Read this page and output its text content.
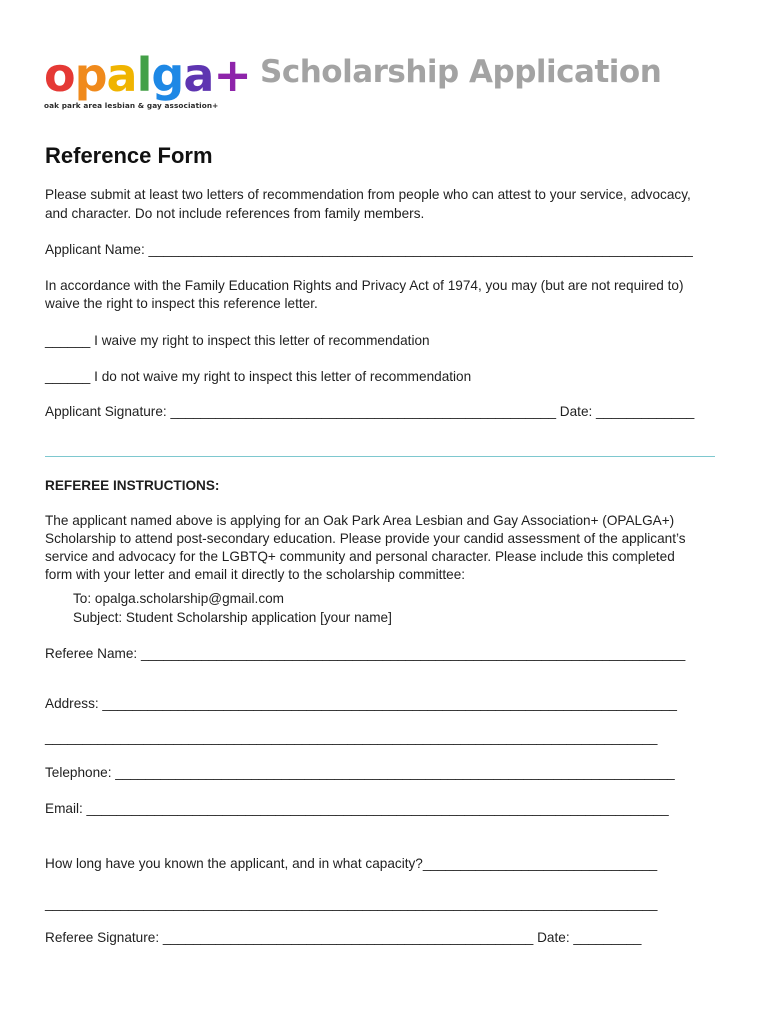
o p a l g a +
oak park area lesbian & gay association+
Scholarship Application
Reference Form
Please submit at least two letters of recommendation from people who can attest to your service, advocacy,
and character. Do not include references from family members.
Applicant Name: ________________________________________________________________________
In accordance with the Family Education Rights and Privacy Act of 1974, you may (but are not required to)
waive the right to inspect this reference letter.
______ I waive my right to inspect this letter of recommendation
______ I do not waive my right to inspect this letter of recommendation
Applicant Signature: ___________________________________________________ Date: _____________
REFEREE INSTRUCTIONS:
The applicant named above is applying for an Oak Park Area Lesbian and Gay Association+ (OPALGA+)
Scholarship to attend post-secondary education. Please provide your candid assessment of the applicant’s
service and advocacy for the LGBTQ+ community and personal character. Please include this completed
form with your letter and email it directly to the scholarship committee:
To: opalga.scholarship@gmail.com
Subject: Student Scholarship application [your name]
Referee Name: ________________________________________________________________________
Address: ____________________________________________________________________________
_________________________________________________________________________________
Telephone: __________________________________________________________________________
Email: _____________________________________________________________________________
How long have you known the applicant, and in what capacity?_______________________________
_________________________________________________________________________________
Referee Signature: _________________________________________________ Date: _________
